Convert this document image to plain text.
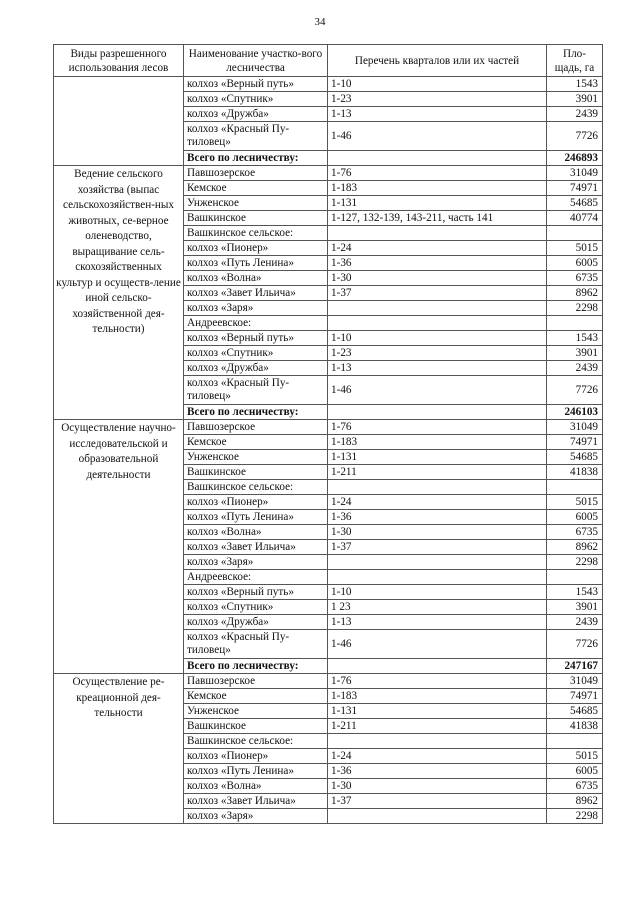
34
Виды разрешенного использования лесов	Наименование участко-вого лесничества	Перечень кварталов или их частей	Пло-щадь, га
	колхоз «Верный путь»	1-10	1543
	колхоз «Спутник»	1-23	3901
	колхоз «Дружба»	1-13	2439
	колхоз «Красный Пу-тиловец»	1-46	7726
	Всего по лесничеству:		246893
Ведение сельского хозяйства (выпас сельскохозяйствен-ных животных, се-верное оленеводство, выращивание сель-скохозяйственных культур и осуществ-ление иной сельско-хозяйственной дея-тельности)	Павшозерское	1-76	31049
	Кемское	1-183	74971
	Унженское	1-131	54685
	Вашкинское	1-127, 132-139, 143-211, часть 141	40774
	Вашкинское сельское:		
	колхоз «Пионер»	1-24	5015
	колхоз «Путь Ленина»	1-36	6005
	колхоз «Волна»	1-30	6735
	колхоз «Завет Ильича»	1-37	8962
	колхоз «Заря»		2298
	Андреевское:		
	колхоз «Верный путь»	1-10	1543
	колхоз «Спутник»	1-23	3901
	колхоз «Дружба»	1-13	2439
	колхоз «Красный Пу-тиловец»	1-46	7726
	Всего по лесничеству:		246103
Осуществление научно-исследовательской и образовательной деятельности	Павшозерское	1-76	31049
	Кемское	1-183	74971
	Унженское	1-131	54685
	Вашкинское	1-211	41838
	Вашкинское сельское:		
	колхоз «Пионер»	1-24	5015
	колхоз «Путь Ленина»	1-36	6005
	колхоз «Волна»	1-30	6735
	колхоз «Завет Ильича»	1-37	8962
	колхоз «Заря»		2298
	Андреевское:		
	колхоз «Верный путь»	1-10	1543
	колхоз «Спутник»	1 23	3901
	колхоз «Дружба»	1-13	2439
	колхоз «Красный Пу-тиловец»	1-46	7726
	Всего по лесничеству:		247167
Осуществление ре-креационной дея-тельности	Павшозерское	1-76	31049
	Кемское	1-183	74971
	Унженское	1-131	54685
	Вашкинское	1-211	41838
	Вашкинское сельское:		
	колхоз «Пионер»	1-24	5015
	колхоз «Путь Ленина»	1-36	6005
	колхоз «Волна»	1-30	6735
	колхоз «Завет Ильича»	1-37	8962
	колхоз «Заря»		2298
